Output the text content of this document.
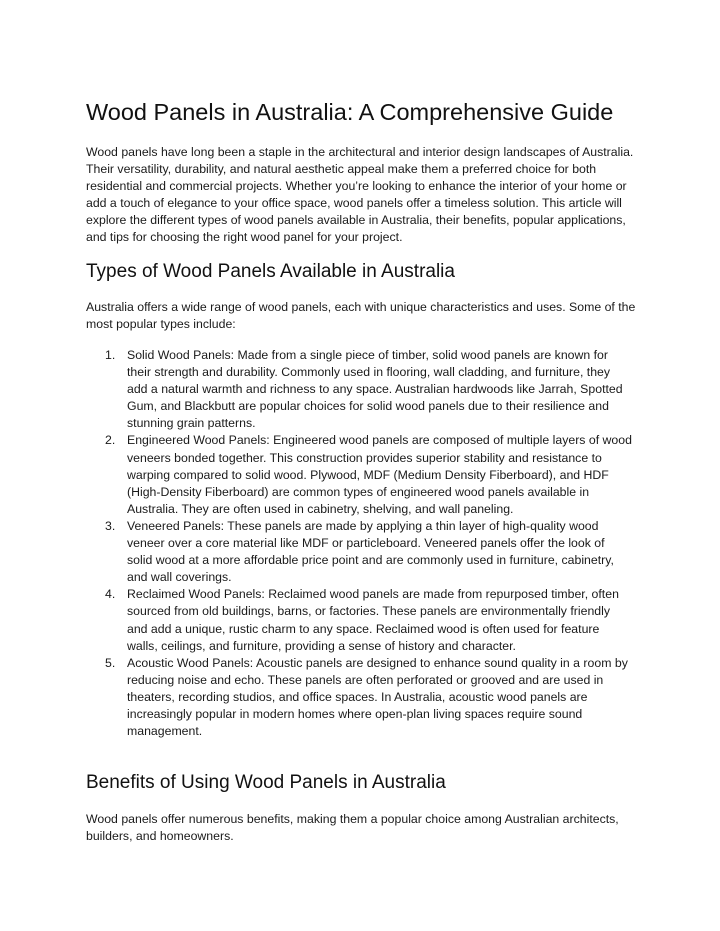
Wood Panels in Australia: A Comprehensive Guide

Wood panels have long been a staple in the architectural and interior design landscapes of Australia. Their versatility, durability, and natural aesthetic appeal make them a preferred choice for both residential and commercial projects. Whether you’re looking to enhance the interior of your home or add a touch of elegance to your office space, wood panels offer a timeless solution. This article will explore the different types of wood panels available in Australia, their benefits, popular applications, and tips for choosing the right wood panel for your project.

Types of Wood Panels Available in Australia

Australia offers a wide range of wood panels, each with unique characteristics and uses. Some of the most popular types include:

1. Solid Wood Panels: Made from a single piece of timber, solid wood panels are known for their strength and durability. Commonly used in flooring, wall cladding, and furniture, they add a natural warmth and richness to any space. Australian hardwoods like Jarrah, Spotted Gum, and Blackbutt are popular choices for solid wood panels due to their resilience and stunning grain patterns.
2. Engineered Wood Panels: Engineered wood panels are composed of multiple layers of wood veneers bonded together. This construction provides superior stability and resistance to warping compared to solid wood. Plywood, MDF (Medium Density Fiberboard), and HDF (High-Density Fiberboard) are common types of engineered wood panels available in Australia. They are often used in cabinetry, shelving, and wall paneling.
3. Veneered Panels: These panels are made by applying a thin layer of high-quality wood veneer over a core material like MDF or particleboard. Veneered panels offer the look of solid wood at a more affordable price point and are commonly used in furniture, cabinetry, and wall coverings.
4. Reclaimed Wood Panels: Reclaimed wood panels are made from repurposed timber, often sourced from old buildings, barns, or factories. These panels are environmentally friendly and add a unique, rustic charm to any space. Reclaimed wood is often used for feature walls, ceilings, and furniture, providing a sense of history and character.
5. Acoustic Wood Panels: Acoustic panels are designed to enhance sound quality in a room by reducing noise and echo. These panels are often perforated or grooved and are used in theaters, recording studios, and office spaces. In Australia, acoustic wood panels are increasingly popular in modern homes where open-plan living spaces require sound management.
Benefits of Using Wood Panels in Australia

Wood panels offer numerous benefits, making them a popular choice among Australian architects, builders, and homeowners.
